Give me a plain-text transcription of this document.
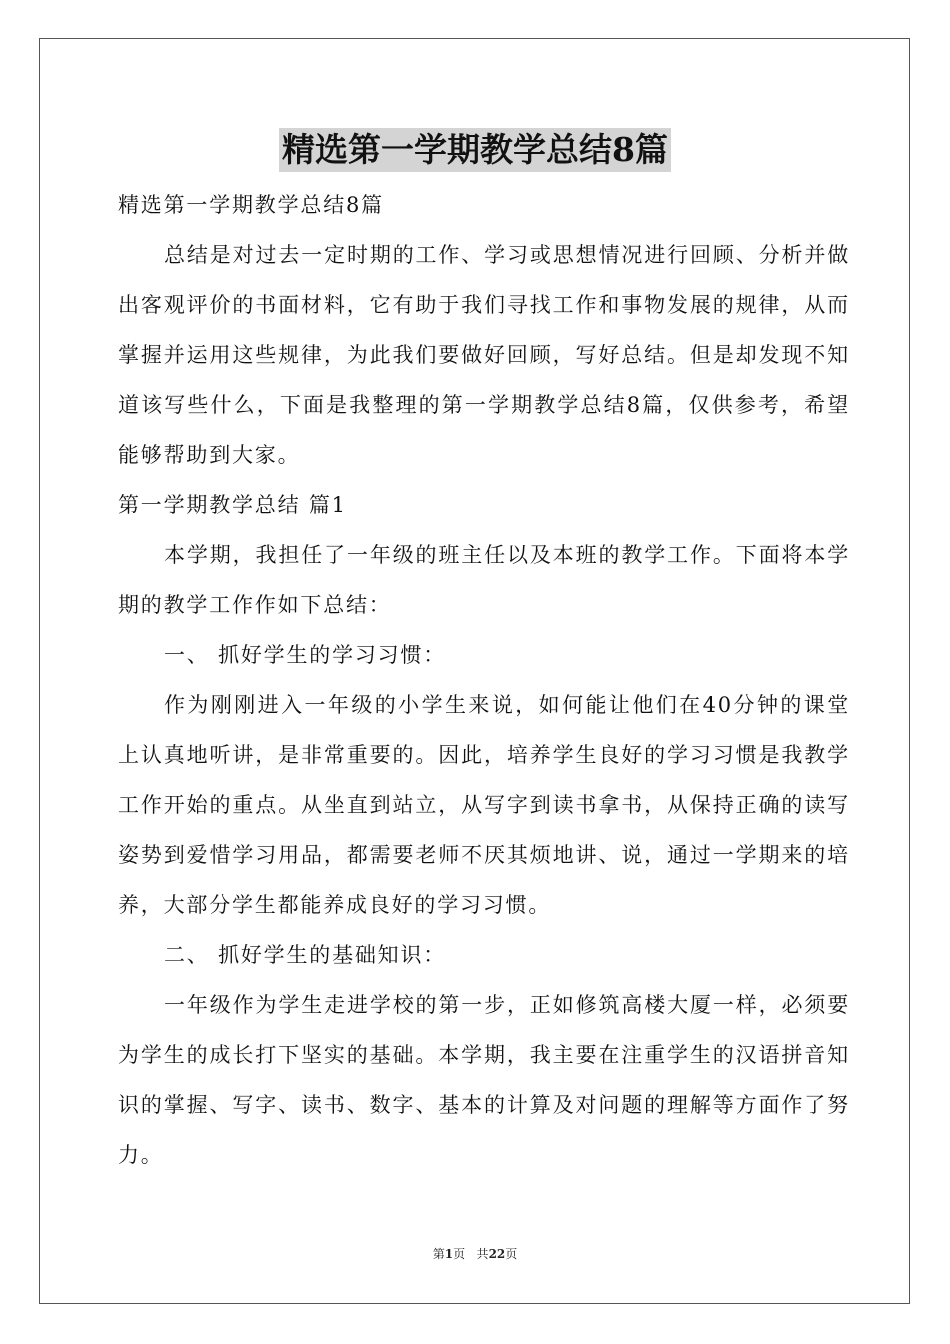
精选第一学期教学总结8篇

精选第一学期教学总结8篇

总结是对过去一定时期的工作、学习或思想情况进行回顾、分析并做出客观评价的书面材料，它有助于我们寻找工作和事物发展的规律，从而掌握并运用这些规律，为此我们要做好回顾，写好总结。但是却发现不知道该写些什么，下面是我整理的第一学期教学总结8篇，仅供参考，希望能够帮助到大家。

第一学期教学总结 篇1

本学期，我担任了一年级的班主任以及本班的教学工作。下面将本学期的教学工作作如下总结：

一、 抓好学生的学习习惯：

作为刚刚进入一年级的小学生来说，如何能让他们在40分钟的课堂上认真地听讲，是非常重要的。因此，培养学生良好的学习习惯是我教学工作开始的重点。从坐直到站立，从写字到读书拿书，从保持正确的读写姿势到爱惜学习用品，都需要老师不厌其烦地讲、说，通过一学期来的培养，大部分学生都能养成良好的学习习惯。

二、 抓好学生的基础知识：

一年级作为学生走进学校的第一步，正如修筑高楼大厦一样，必须要为学生的成长打下坚实的基础。本学期，我主要在注重学生的汉语拼音知识的掌握、写字、读书、数字、基本的计算及对问题的理解等方面作了努力。

第1页 共22页
